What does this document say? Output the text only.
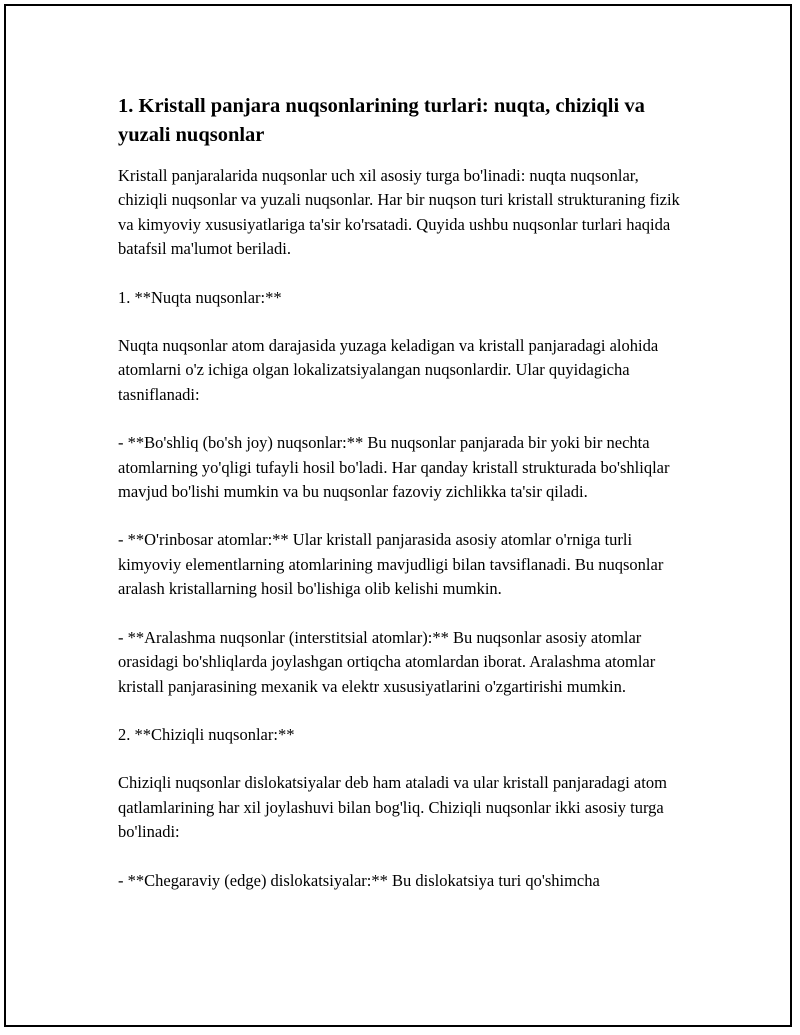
1. Kristall panjara nuqsonlarining turlari: nuqta, chiziqli va yuzali nuqsonlar

Kristall panjaralarida nuqsonlar uch xil asosiy turga bo'linadi: nuqta nuqsonlar, chiziqli nuqsonlar va yuzali nuqsonlar. Har bir nuqson turi kristall strukturaning fizik va kimyoviy xususiyatlariga ta'sir ko'rsatadi. Quyida ushbu nuqsonlar turlari haqida batafsil ma'lumot beriladi.

1. **Nuqta nuqsonlar:**

Nuqta nuqsonlar atom darajasida yuzaga keladigan va kristall panjaradagi alohida atomlarni o'z ichiga olgan lokalizatsiyalangan nuqsonlardir. Ular quyidagicha tasniflanadi:

- **Bo'shliq (bo'sh joy) nuqsonlar:** Bu nuqsonlar panjarada bir yoki bir nechta atomlarning yo'qligi tufayli hosil bo'ladi. Har qanday kristall strukturada bo'shliqlar mavjud bo'lishi mumkin va bu nuqsonlar fazoviy zichlikka ta'sir qiladi.

- **O'rinbosar atomlar:** Ular kristall panjarasida asosiy atomlar o'rniga turli kimyoviy elementlarning atomlarining mavjudligi bilan tavsiflanadi. Bu nuqsonlar aralash kristallarning hosil bo'lishiga olib kelishi mumkin.

- **Aralashma nuqsonlar (interstitsial atomlar):** Bu nuqsonlar asosiy atomlar orasidagi bo'shliqlarda joylashgan ortiqcha atomlardan iborat. Aralashma atomlar kristall panjarasining mexanik va elektr xususiyatlarini o'zgartirishi mumkin.

2. **Chiziqli nuqsonlar:**

Chiziqli nuqsonlar dislokatsiyalar deb ham ataladi va ular kristall panjaradagi atom qatlamlarining har xil joylashuvi bilan bog'liq. Chiziqli nuqsonlar ikki asosiy turga bo'linadi:

- **Chegaraviy (edge) dislokatsiyalar:** Bu dislokatsiya turi qo'shimcha
